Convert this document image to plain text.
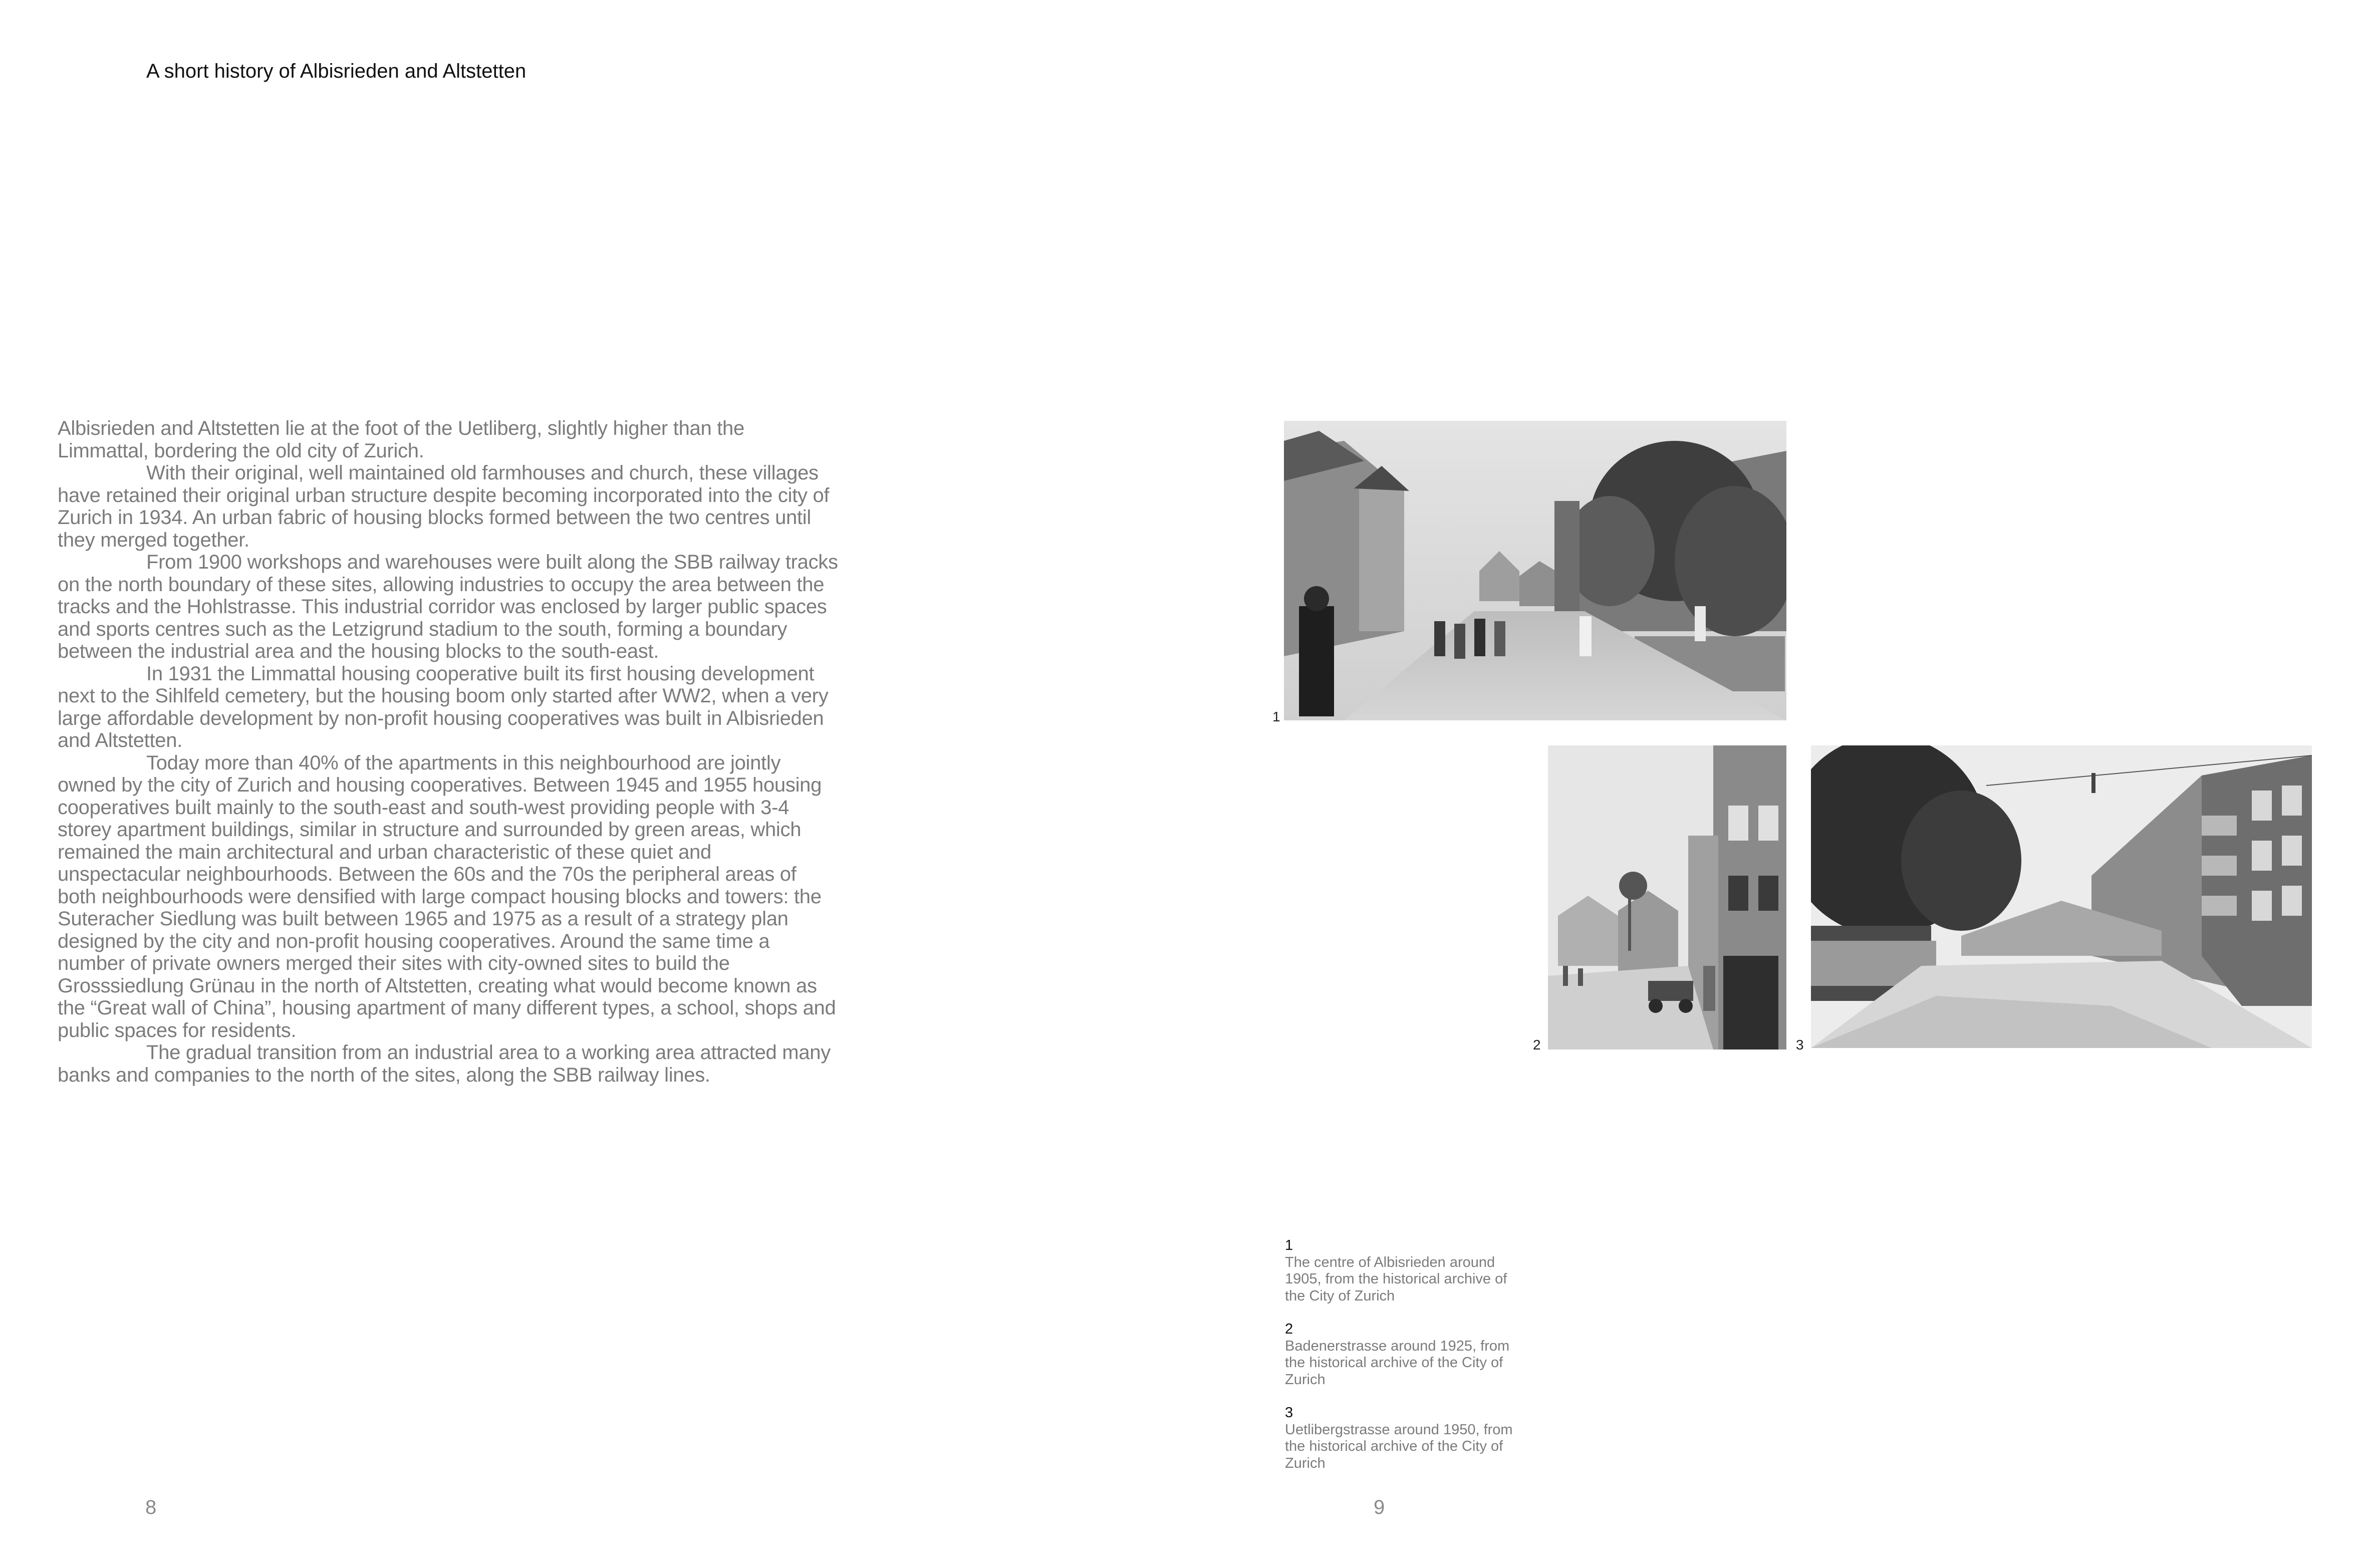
A short history of Albisrieden and Altstetten

Albisrieden and Altstetten lie at the foot of the Uetliberg, slightly higher than the Limmattal, bordering the old city of Zurich.

With their original, well maintained old farmhouses and church, these villages have retained their original urban structure despite becoming incorporated into the city of Zurich in 1934. An urban fabric of housing blocks formed between the two centres until they merged together.

From 1900 workshops and warehouses were built along the SBB railway tracks on the north boundary of these sites, allowing industries to occupy the area between the tracks and the Hohlstrasse. This industrial corridor was enclosed by larger public spaces and sports centres such as the Letzigrund stadium to the south, forming a boundary between the industrial area and the housing blocks to the south-east.

In 1931 the Limmattal housing cooperative built its first housing development next to the Sihlfeld cemetery, but the housing boom only started after WW2, when a very large affordable development by non-profit housing cooperatives was built in Albisrieden and Altstetten.

Today more than 40% of the apartments in this neighbourhood are jointly owned by the city of Zurich and housing cooperatives. Between 1945 and 1955 housing cooperatives built mainly to the south-east and south-west providing people with 3-4 storey apartment buildings, similar in structure and surrounded by green areas, which remained the main architectural and urban characteristic of these quiet and unspectacular neighbourhoods. Between the 60s and the 70s the peripheral areas of both neighbourhoods were densified with large compact housing blocks and towers: the Suteracher Siedlung was built between 1965 and 1975 as a result of a strategy plan designed by the city and non-profit housing cooperatives. Around the same time a number of private owners merged their sites with city-owned sites to build the Grosssiedlung Grünau in the north of Altstetten, creating what would become known as the “Great wall of China”, housing apartment of many different types, a school, shops and public spaces for residents.

The gradual transition from an industrial area to a working area attracted many banks and companies to the north of the sites, along the SBB railway lines.

8
1
2	3
1
The centre of Albisrieden around 1905, from the historical archive of the City of Zurich
2
Badenerstrasse around 1925, from the historical archive of the City of Zurich
3
Uetlibergstrasse around 1950, from the historical archive of the City of Zurich
9
